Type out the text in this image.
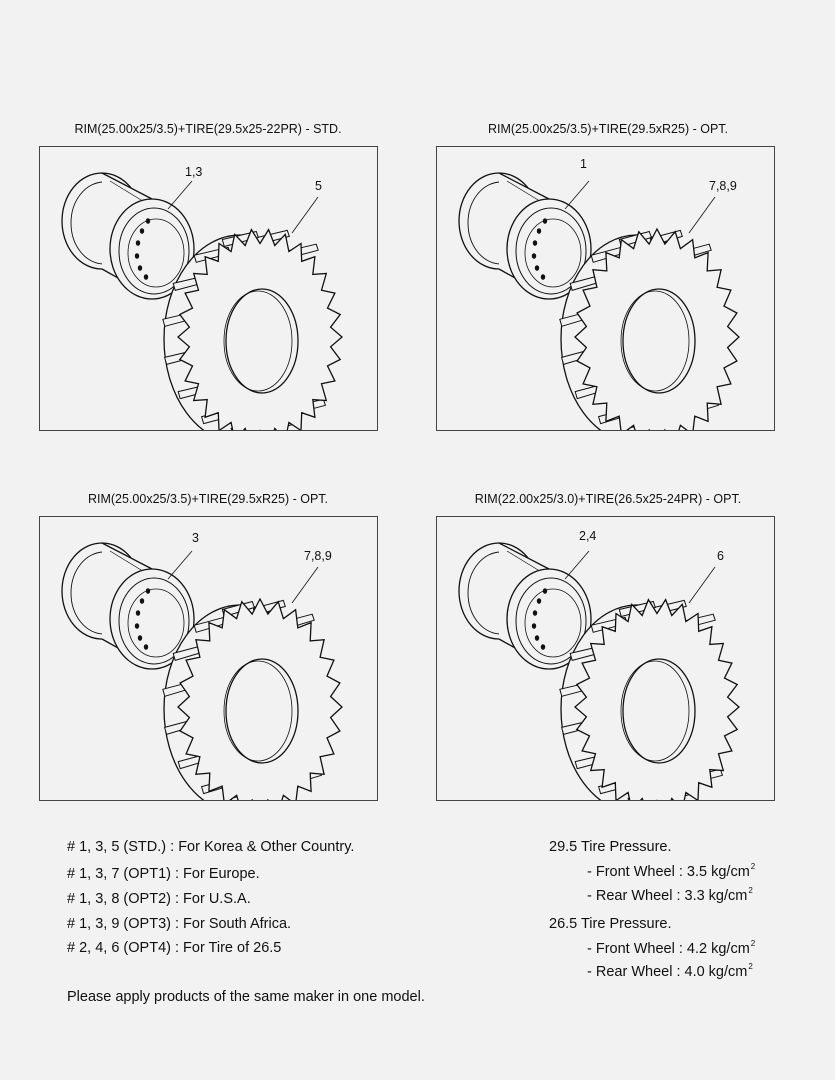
RIM(25.00x25/3.5)+TIRE(29.5x25-22PR) - STD.	RIM(25.00x25/3.5)+TIRE(29.5xR25) - OPT.
RIM(25.00x25/3.5)+TIRE(29.5xR25) - OPT.	RIM(22.00x25/3.0)+TIRE(26.5x25-24PR) - OPT.
1,3
5
1
7,8,9
3
7,8,9
2,4
6
# 1, 3, 5 (STD.) : For Korea & Other Country.
# 1, 3, 7 (OPT1) : For Europe.
# 1, 3, 8 (OPT2) : For U.S.A.
# 1, 3, 9 (OPT3) : For South Africa.
# 2, 4, 6 (OPT4) : For Tire of 26.5
29.5 Tire Pressure.
- Front Wheel : 3.5 $kg/cm^2$
- Rear Wheel : 3.3 $kg/cm^2$
26.5 Tire Pressure.
- Front Wheel : 4.2 $kg/cm^2$
- Rear Wheel : 4.0 $kg/cm^2$
Please apply products of the same maker in one model.
